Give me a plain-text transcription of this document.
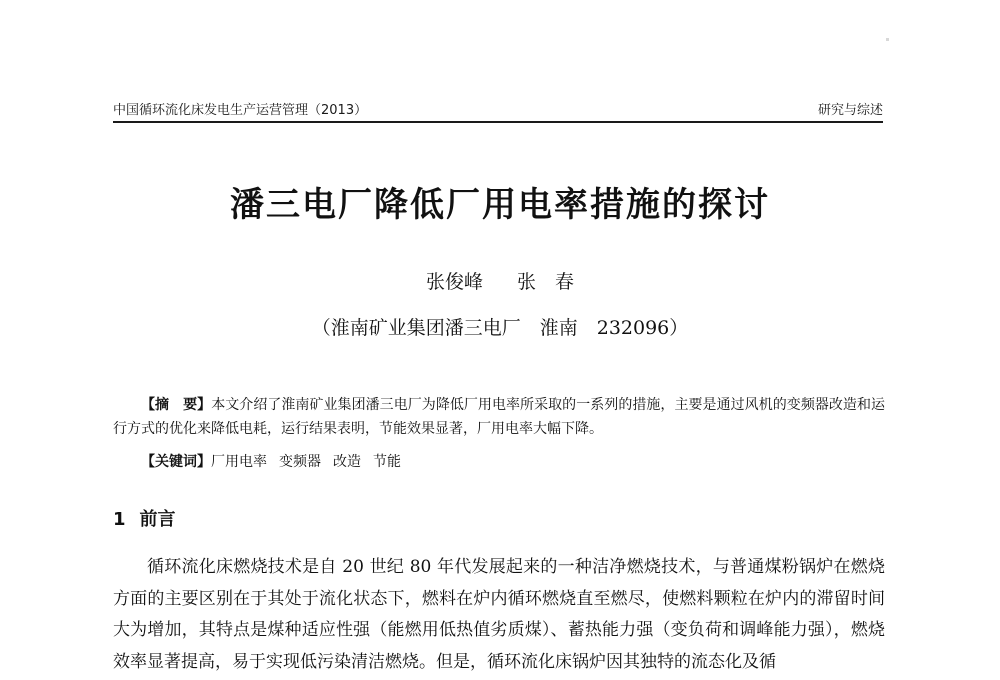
中国循环流化床发电生产运营管理（2013）	研究与综述
潘三电厂降低厂用电率措施的探讨
张俊峰 张　春
（淮南矿业集团潘三电厂　淮南　232096）
【摘　要】本文介绍了淮南矿业集团潘三电厂为降低厂用电率所采取的一系列的措施，主要是通过风机的变频器改造和运行方式的优化来降低电耗，运行结果表明，节能效果显著，厂用电率大幅下降。
【关键词】厂用电率 变频器 改造 节能
1 前言
循环流化床燃烧技术是自 20 世纪 80 年代发展起来的一种洁净燃烧技术，与普通煤粉锅炉在燃烧方面的主要区别在于其处于流化状态下，燃料在炉内循环燃烧直至燃尽，使燃料颗粒在炉内的滞留时间大为增加，其特点是煤种适应性强（能燃用低热值劣质煤）、蓄热能力强（变负荷和调峰能力强），燃烧效率显著提高，易于实现低污染清洁燃烧。但是，循环流化床锅炉因其独特的流态化及循
